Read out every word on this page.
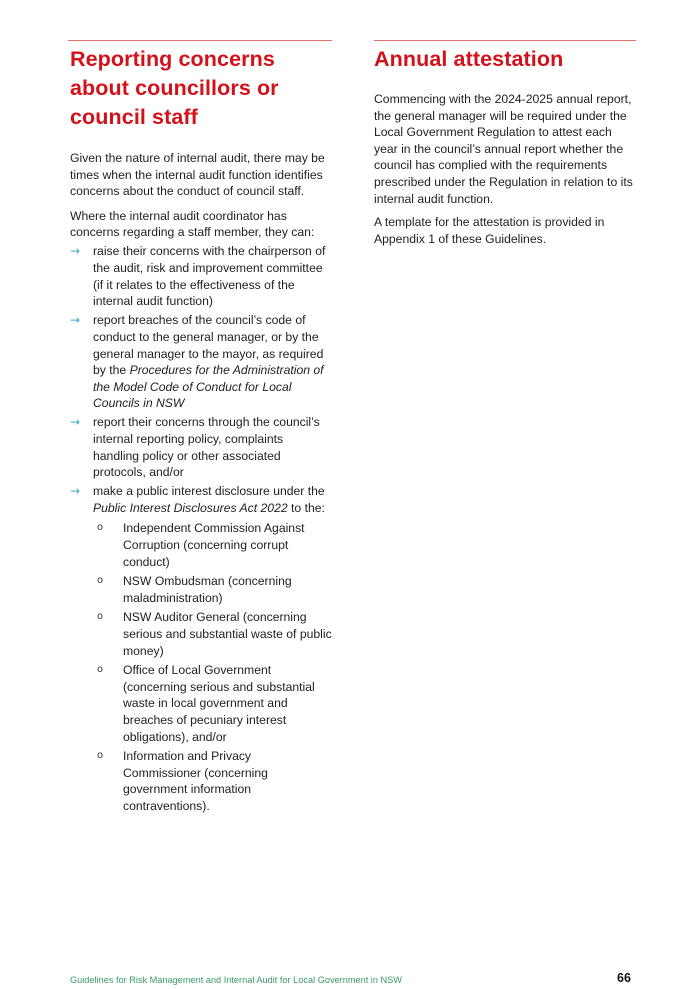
Reporting concerns about councillors or council staff

Given the nature of internal audit, there may be times when the internal audit function identifies concerns about the conduct of council staff.

Where the internal audit coordinator has concerns regarding a staff member, they can:

→ raise their concerns with the chairperson of the audit, risk and improvement committee (if it relates to the effectiveness of the internal audit function)
→ report breaches of the council’s code of conduct to the general manager, or by the general manager to the mayor, as required by the Procedures for the Administration of the Model Code of Conduct for Local Councils in NSW
→ report their concerns through the council’s internal reporting policy, complaints handling policy or other associated protocols, and/or
→ make a public interest disclosure under the Public Interest Disclosures Act 2022 to the:
o Independent Commission Against Corruption (concerning corrupt conduct)
o NSW Ombudsman (concerning maladministration)
o NSW Auditor General (concerning serious and substantial waste of public money)
o Office of Local Government (concerning serious and substantial waste in local government and breaches of pecuniary interest obligations), and/or
o Information and Privacy Commissioner (concerning government information contraventions).
Annual attestation

Commencing with the 2024-2025 annual report, the general manager will be required under the Local Government Regulation to attest each year in the council’s annual report whether the council has complied with the requirements prescribed under the Regulation in relation to its internal audit function.

A template for the attestation is provided in Appendix 1 of these Guidelines.

Guidelines for Risk Management and Internal Audit for Local Government in NSW	66
